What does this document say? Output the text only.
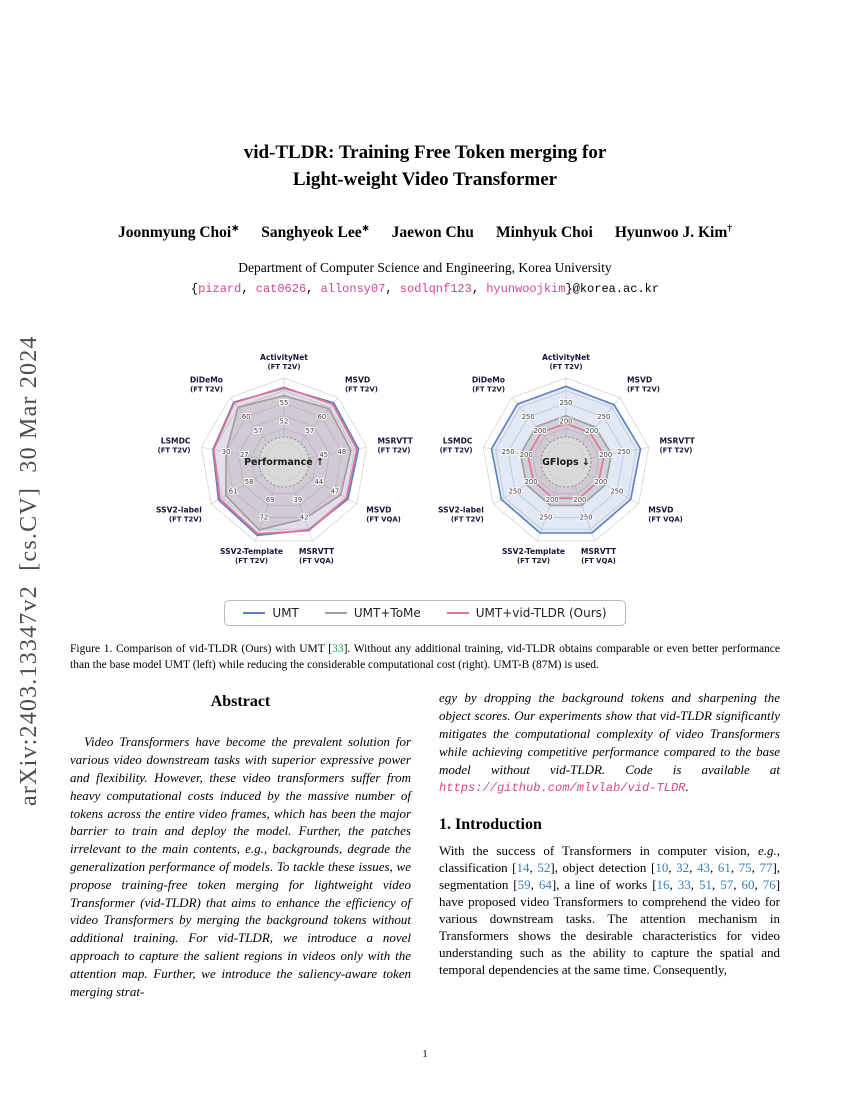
arXiv:2403.13347v2  [cs.CV]  30 Mar 2024
vid-TLDR: Training Free Token merging for
Light-weight Video Transformer
Joonmyung Choi∗ Sanghyeok Lee∗ Jaewon Chu Minhyuk Choi Hyunwoo J. Kim†
Department of Computer Science and Engineering, Korea University
{pizard, cat0626, allonsy07, sodlqnf123, hyunwoojkim}@korea.ac.kr
Performance ↑
52
55
57
60
45 48
44
47
39
42
69
72
58
61
27
30
57
60
ActivityNet
(FT T2V)
MSVD
(FT T2V)
MSRVTT
(FT T2V)
MSVD
(FT VQA)
MSRVTT
(FT VQA)
SSV2-Template
(FT T2V)
SSV2-label
(FT T2V)
LSMDC
(FT T2V)
DiDeMo
(FT T2V)
GFlops ↓
200
250
200
250
200 250
200
250
200
250
200
250
200
250
200
250
200
250
ActivityNet
(FT T2V)
MSVD
(FT T2V)
MSRVTT
(FT T2V)
MSVD
(FT VQA)
MSRVTT
(FT VQA)
SSV2-Template
(FT T2V)
SSV2-label
(FT T2V)
LSMDC
(FT T2V)
DiDeMo
(FT T2V)
UMT	UMT+ToMe	UMT+vid-TLDR (Ours)
Figure 1. Comparison of vid-TLDR (Ours) with UMT [33]. Without any additional training, vid-TLDR obtains comparable or even better performance than the base model UMT (left) while reducing the considerable computational cost (right). UMT-B (87M) is used.
Abstract

Video Transformers have become the prevalent solution for various video downstream tasks with superior expressive power and flexibility. However, these video transformers suffer from heavy computational costs induced by the massive number of tokens across the entire video frames, which has been the major barrier to train and deploy the model. Further, the patches irrelevant to the main contents, e.g., backgrounds, degrade the generalization performance of models. To tackle these issues, we propose training-free token merging for lightweight video Transformer (vid-TLDR) that aims to enhance the efficiency of video Transformers by merging the background tokens without additional training. For vid-TLDR, we introduce a novel approach to capture the salient regions in videos only with the attention map. Further, we introduce the saliency-aware token merging strat-

egy by dropping the background tokens and sharpening the object scores. Our experiments show that vid-TLDR significantly mitigates the computational complexity of video Transformers while achieving competitive performance compared to the base model without vid-TLDR. Code is available at https://github.com/mlvlab/vid-TLDR.

1. Introduction

With the success of Transformers in computer vision, e.g., classification [14, 52], object detection [10, 32, 43, 61, 75, 77], segmentation [59, 64], a line of works [16, 33, 51, 57, 60, 76] have proposed video Transformers to comprehend the video for various downstream tasks. The attention mechanism in Transformers shows the desirable characteristics for video understanding such as the ability to capture the spatial and temporal dependencies at the same time. Consequently,

1
